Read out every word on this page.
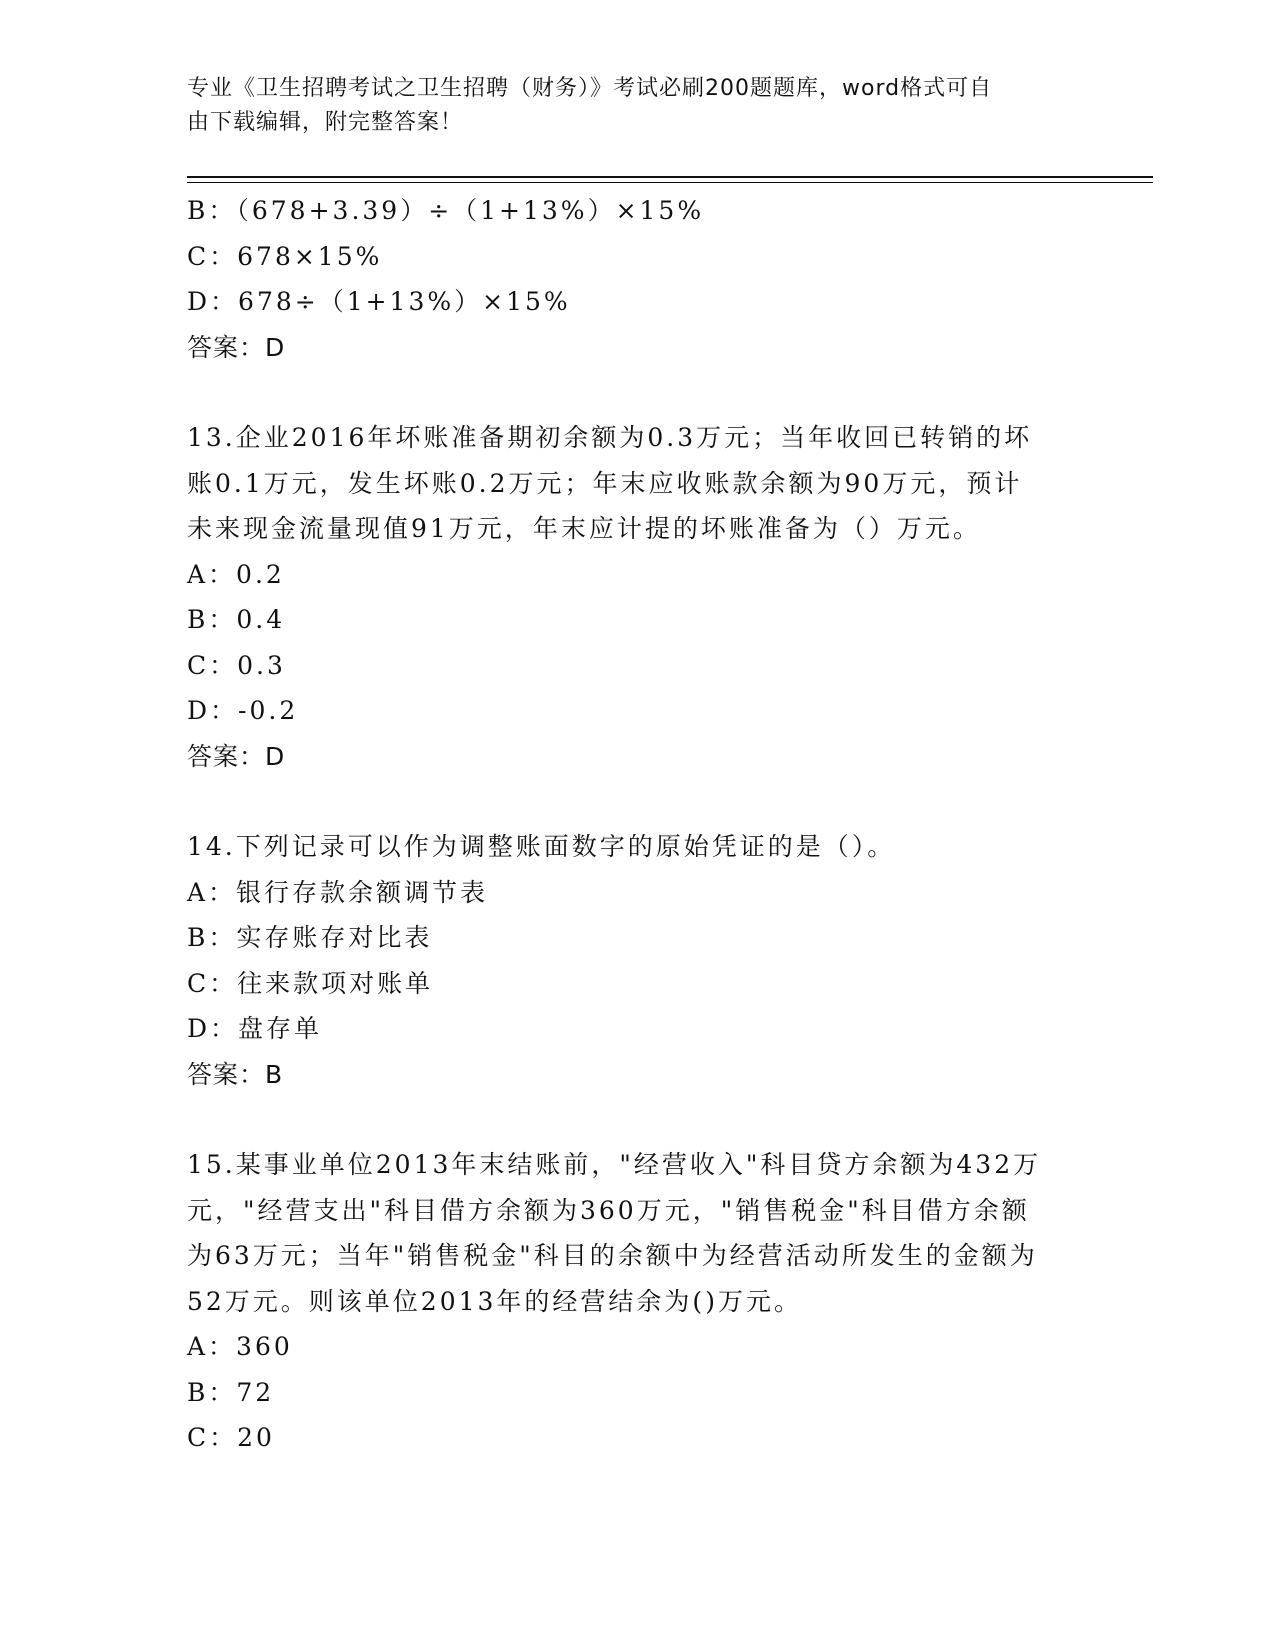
专业《卫生招聘考试之卫生招聘（财务）》考试必刷200题题库，word格式可自
由下载编辑，附完整答案！
B：（678+3.39）÷（1+13%）×15%
C：678×15%
D：678÷（1+13%）×15%
答案：D
13.企业2016年坏账准备期初余额为0.3万元；当年收回已转销的坏
账0.1万元，发生坏账0.2万元；年末应收账款余额为90万元，预计
未来现金流量现值91万元，年末应计提的坏账准备为（）万元。
A：0.2
B：0.4
C：0.3
D：-0.2
答案：D
14.下列记录可以作为调整账面数字的原始凭证的是（）。
A：银行存款余额调节表
B：实存账存对比表
C：往来款项对账单
D：盘存单
答案：B
15.某事业单位2013年末结账前，"经营收入"科目贷方余额为432万
元，"经营支出"科目借方余额为360万元，"销售税金"科目借方余额
为63万元；当年"销售税金"科目的余额中为经营活动所发生的金额为
52万元。则该单位2013年的经营结余为()万元。
A：360
B：72
C：20
